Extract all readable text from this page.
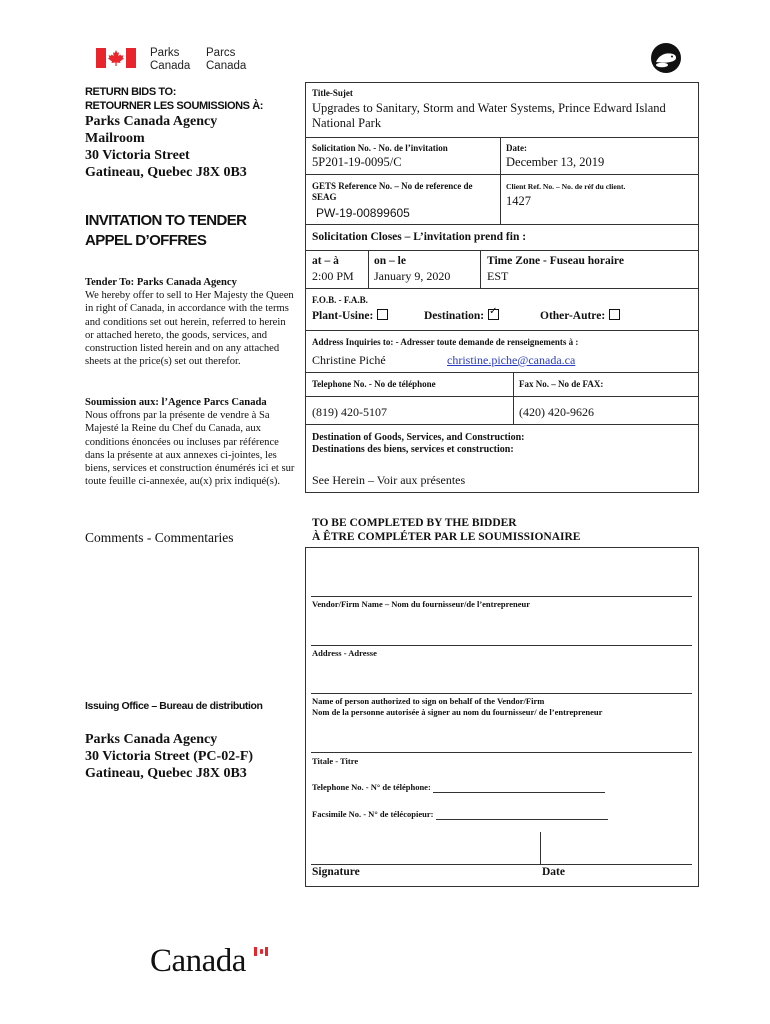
Parks
Canada
Parcs
Canada
RETURN BIDS TO:
RETOURNER LES SOUMISSIONS À:
Parks Canada Agency
Mailroom
30 Victoria Street
Gatineau, Quebec J8X 0B3
INVITATION TO TENDER
APPEL D’OFFRES
Tender To: Parks Canada Agency
We hereby offer to sell to Her Majesty the Queen in right of Canada, in accordance with the terms and conditions set out herein, referred to herein or attached hereto, the goods, services, and construction listed herein and on any attached sheets at the price(s) set out therefor.
Soumission aux: l’Agence Parcs Canada
Nous offrons par la présente de vendre à Sa Majesté la Reine du Chef du Canada, aux conditions énoncées ou incluses par référence dans la présente at aux annexes ci-jointes, les biens, services et construction énumérés ici et sur toute feuille ci-annexée, au(x) prix indiqué(s).
Comments - Commentaries
Issuing Office – Bureau de distribution
Parks Canada Agency
30 Victoria Street (PC-02-F)
Gatineau, Quebec J8X 0B3
Title-Sujet
Upgrades to Sanitary, Storm and Water Systems, Prince Edward Island National Park
Solicitation No. - No. de l’invitation
5P201-19-0095/C
Date:
December 13, 2019
GETS Reference No. – No de reference de SEAG
PW-19-00899605
Client Ref. No. – No. de réf du client.
1427
Solicitation Closes – L’invitation prend fin :
at – à
2:00 PM
on – le
January 9, 2020
Time Zone - Fuseau horaire
EST
F.O.B. - F.A.B.
Plant-Usine:	Destination:✓	Other-Autre:
Address Inquiries to: - Adresser toute demande de renseignements à :
Christine Piché	christine.piche@canada.ca
Telephone No. - No de téléphone	Fax No. – No de FAX:
(819) 420-5107	(420) 420-9626
Destination of Goods, Services, and Construction:
Destinations des biens, services et construction:
See Herein – Voir aux présentes
TO BE COMPLETED BY THE BIDDER
À ÊTRE COMPLÉTER PAR LE SOUMISSIONAIRE
Vendor/Firm Name – Nom du fournisseur/de l’entrepreneur
Address - Adresse
Name of person authorized to sign on behalf of the Vendor/Firm
Nom de la personne autorisée à signer au nom du fournisseur/ de l’entrepreneur
Titale - Titre
Telephone No. - N° de téléphone:
Facsimile No. - N° de télécopieur:
Signature	Date
Canada
